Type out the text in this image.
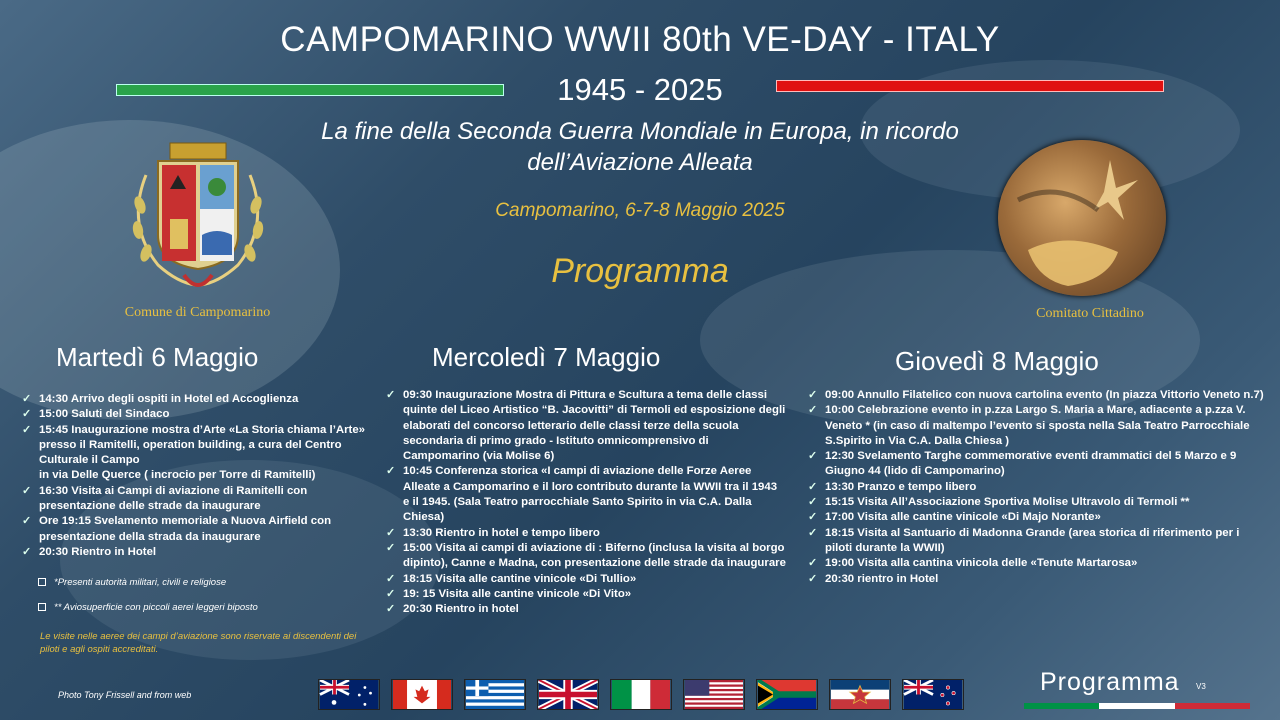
CAMPOMARINO WWII 80th VE-DAY - ITALY
1945 - 2025
La fine della Seconda Guerra Mondiale in Europa, in ricordo
dell’Aviazione Alleata
Campomarino, 6-7-8 Maggio 2025
Programma
Comune di Campomarino	Comitato Cittadino
Martedì 6 Maggio	Mercoledì 7 Maggio	Giovedì 8 Maggio
✓ 14:30 Arrivo degli ospiti in Hotel ed Accoglienza
✓ 15:00 Saluti del Sindaco
✓ 15:45 Inaugurazione mostra d’Arte «La Storia chiama l’Arte» presso il Ramitelli, operation building, a cura del Centro Culturale il Campo
in via Delle Querce ( incrocio per Torre di Ramitelli)
✓ 16:30 Visita ai Campi di aviazione di Ramitelli con presentazione delle strade da inaugurare
✓ Ore 19:15 Svelamento memoriale a Nuova Airfield con presentazione della strada da inaugurare
✓ 20:30 Rientro in Hotel
*Presenti autorità militari, civili e religiose
** Aviosuperficie con piccoli aerei leggeri biposto
Le visite nelle aeree dei campi d’aviazione sono riservate ai discendenti dei piloti e agli ospiti accreditati.
✓ 09:30 Inaugurazione Mostra di Pittura e Scultura a tema delle classi quinte del Liceo Artistico “B. Jacovitti” di Termoli ed esposizione degli elaborati del concorso letterario delle classi terze della scuola secondaria di primo grado - Istituto omnicomprensivo di Campomarino (via Molise 6)
✓ 10:45 Conferenza storica «I campi di aviazione delle Forze Aeree Alleate a Campomarino e il loro contributo durante la WWII tra il 1943 e il 1945. (Sala Teatro parrocchiale Santo Spirito in via C.A. Dalla Chiesa)
✓ 13:30 Rientro in hotel e tempo libero
✓ 15:00 Visita ai campi di aviazione di : Biferno (inclusa la visita al borgo dipinto), Canne e Madna, con presentazione delle strade da inaugurare
✓ 18:15 Visita alle cantine vinicole «Di Tullio»
✓ 19: 15 Visita alle cantine vinicole «Di Vito»
✓ 20:30 Rientro in hotel
✓ 09:00 Annullo Filatelico con nuova cartolina evento (In piazza Vittorio Veneto n.7)
✓ 10:00 Celebrazione evento in p.zza Largo S. Maria a Mare, adiacente a p.zza V. Veneto * (in caso di maltempo l’evento si sposta nella Sala Teatro Parrocchiale S.Spirito in Via C.A. Dalla Chiesa )
✓ 12:30 Svelamento Targhe commemorative eventi drammatici del 5 Marzo e 9 Giugno 44 (lido di Campomarino)
✓ 13:30 Pranzo e tempo libero
✓ 15:15 Visita All’Associazione Sportiva Molise Ultravolo di Termoli **
✓ 17:00 Visita alle cantine vinicole «Di Majo Norante»
✓ 18:15 Visita al Santuario di Madonna Grande (area storica di riferimento per i piloti durante la WWII)
✓ 19:00 Visita alla cantina vinicola delle «Tenute Martarosa»
✓ 20:30 rientro in Hotel
Photo Tony Frissell and from web	Programma V3
